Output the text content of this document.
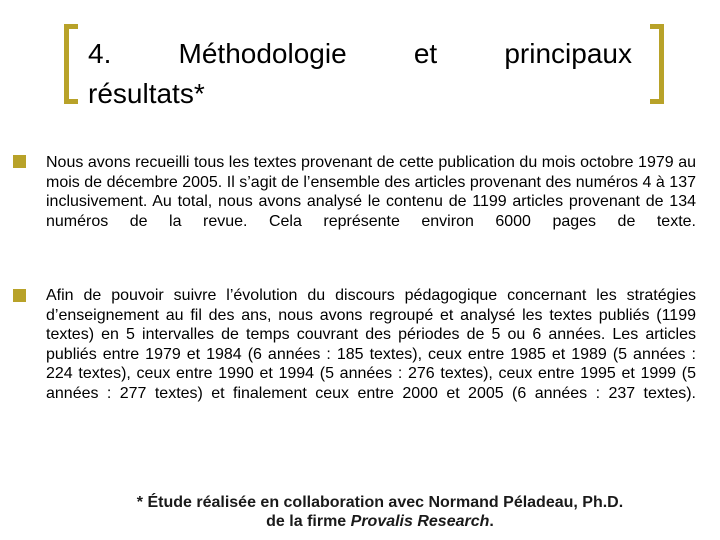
4. Méthodologie et principaux
résultats*

Nous avons recueilli tous les textes provenant de cette publication du mois octobre 1979 au mois de décembre 2005. Il s’agit de l’ensemble des articles provenant des numéros 4 à 137 inclusivement. Au total, nous avons analysé le contenu de 1199 articles provenant de 134 numéros de la revue. Cela représente environ 6000 pages de texte.

Afin de pouvoir suivre l’évolution du discours pédagogique concernant les stratégies d’enseignement au fil des ans, nous avons regroupé et analysé les textes publiés (1199 textes) en 5 intervalles de temps couvrant des périodes de 5 ou 6 années. Les articles publiés entre 1979 et 1984 (6 années : 185 textes), ceux entre 1985 et 1989 (5 années : 224 textes), ceux entre 1990 et 1994 (5 années : 276 textes), ceux entre 1995 et 1999 (5 années : 277 textes) et finalement ceux entre 2000 et 2005 (6 années : 237 textes).

* Étude réalisée en collaboration avec Normand Péladeau, Ph.D.
de la firme Provalis Research.
